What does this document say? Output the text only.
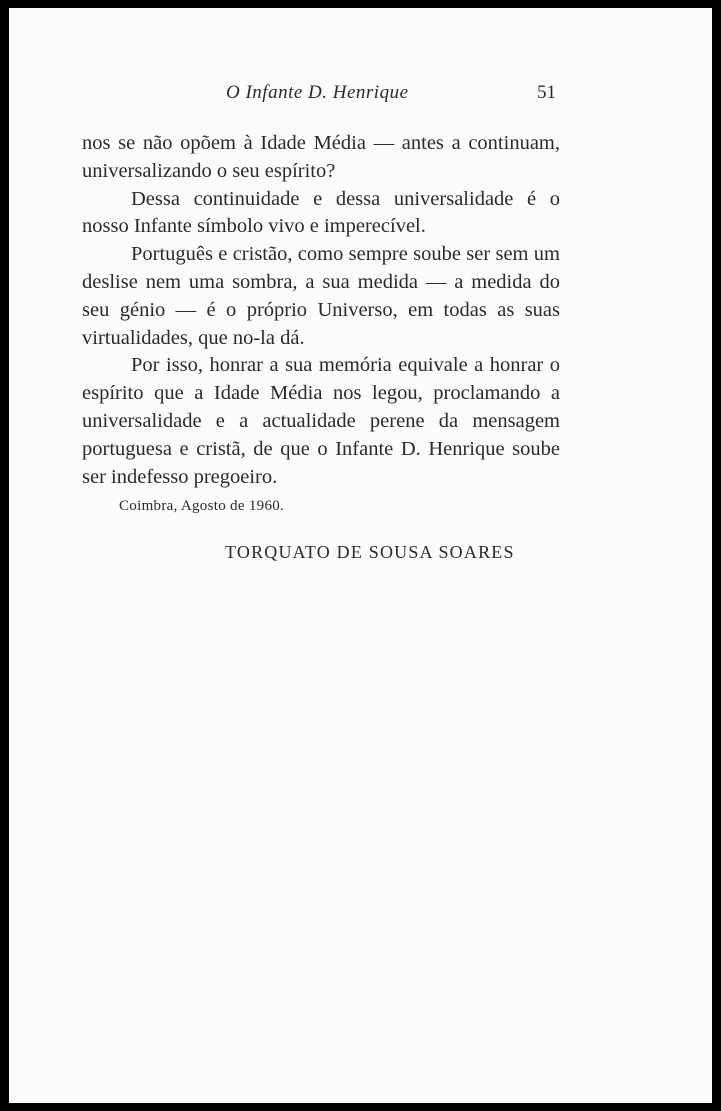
O Infante D. Henrique	51

nos se não opõem à Idade Média — antes a continuam, universalizando o seu espírito?

Dessa continuidade e dessa universalidade é o nosso Infante símbolo vivo e imperecível.

Português e cristão, como sempre soube ser sem um deslise nem uma sombra, a sua medida — a medida do seu génio — é o próprio Universo, em todas as suas virtualidades, que no-la dá.

Por isso, honrar a sua memória equivale a honrar o espírito que a Idade Média nos legou, proclamando a universalidade e a actualidade perene da mensagem portuguesa e cristã, de que o Infante D. Henrique soube ser indefesso pregoeiro.

Coimbra, Agosto de 1960.
TORQUATO DE SOUSA SOARES
